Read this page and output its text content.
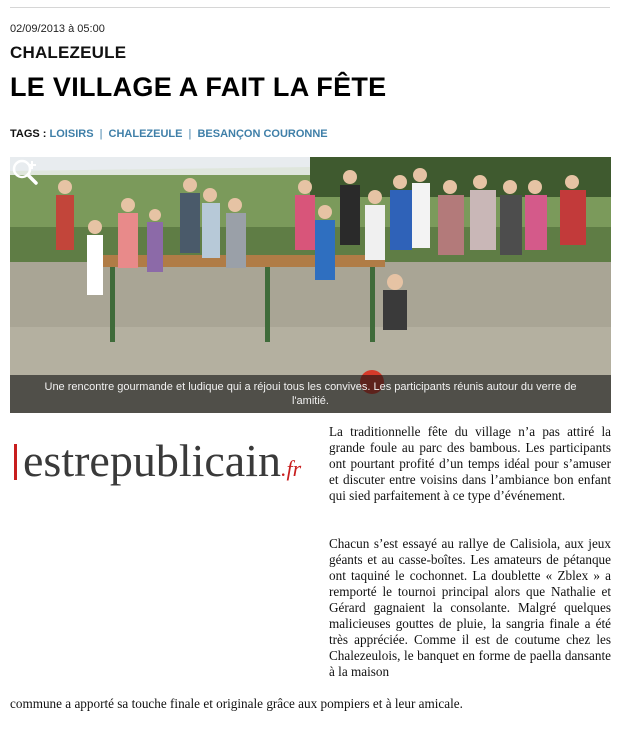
02/09/2013 à 05:00
CHALEZEULE
LE VILLAGE A FAIT LA FÊTE
TAGS : LOISIRS | CHALEZEULE | BESANÇON COURONNE
Une rencontre gourmande et ludique qui a réjoui tous les convives. Les participants réunis autour du verre de
l'amitié.
estrepublicain.fr
La traditionnelle fête du village n’a pas attiré la grande foule au parc des bambous. Les participants ont pourtant profité d’un temps idéal pour s’amuser et discuter entre voisins dans l’ambiance bon enfant qui sied parfaitement à ce type d’événement.
Chacun s’est essayé au rallye de Calisiola, aux jeux géants et au casse-boîtes. Les amateurs de pétanque ont taquiné le cochonnet. La doublette « Zblex » a remporté le tournoi principal alors que Nathalie et Gérard gagnaient la consolante. Malgré quelques malicieuses gouttes de pluie, la sangria finale a été très appréciée. Comme il est de coutume chez les Chalezeulois, le banquet en forme de paella dansante à la maison
commune a apporté sa touche finale et originale grâce aux pompiers et à leur amicale.
